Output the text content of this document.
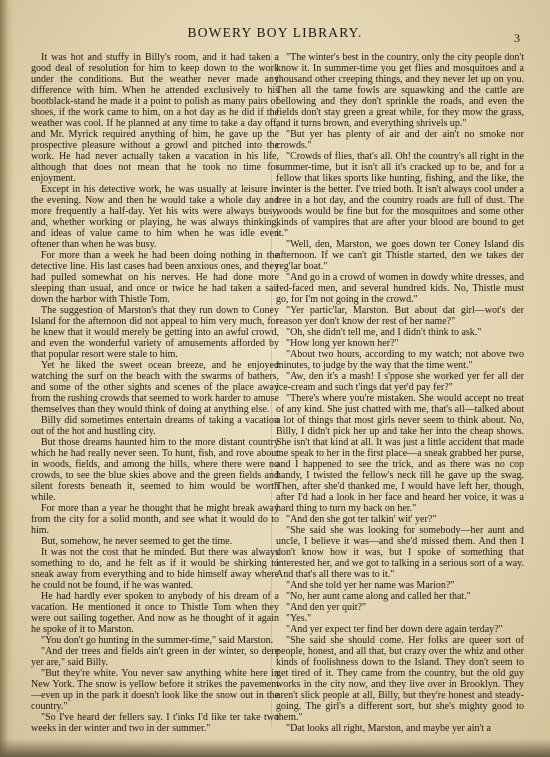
BOWERY BOY LIBRARY.	3

It was hot and stuffy in Billy's room, and it had taken a good deal of resolution for him to keep down to the work under the conditions. But the weather never made any difference with him. When he attended exclusively to his bootblack-stand he made it a point to polish as many pairs of shoes, if the work came to him, on a hot day as he did if the weather was cool. If he planned at any time to take a day off, and Mr. Myrick required anything of him, he gave up the prospective pleasure without a growl and pitched into the work. He had never actually taken a vacation in his life, although that does not mean that he took no time for enjoyment.

Except in his detective work, he was usually at leisure in the evening. Now and then he would take a whole day and more frequently a half-day. Yet his wits were always busy, and, whether working or playing, he was always thinking, and ideas of value came to him when he was idle even oftener than when he was busy.

For more than a week he had been doing nothing in the detective line. His last cases had been anxious ones, and they had pulled somewhat on his nerves. He had done more sleeping than usual, and once or twice he had taken a sail down the harbor with Thistle Tom.

The suggestion of Marston's that they run down to Coney Island for the afternoon did not appeal to him very much, for he knew that it would merely be getting into an awful crowd, and even the wonderful variety of amusements afforded by that popular resort were stale to him.

Yet he liked the sweet ocean breeze, and he enjoyed watching the surf on the beach with the swarms of bathers, and some of the other sights and scenes of the place away from the rushing crowds that seemed to work harder to amuse themselves than they would think of doing at anything else.

Billy did sometimes entertain dreams of taking a vacation out of the hot and hustling city.

But those dreams haunted him to the more distant country which he had really never seen. To hunt, fish, and rove about in woods, fields, and among the hills, where there were no crowds, to see the blue skies above and the green fields and silent forests beneath it, seemed to him would be worth while.

For more than a year he thought that he might break away from the city for a solid month, and see what it would do to him.

But, somehow, he never seemed to get the time.

It was not the cost that he minded. But there was always something to do, and he felt as if it would be shirking to sneak away from everything and to hide himself away where he could not be found, if he was wanted.

He had hardly ever spoken to anybody of his dream of a vacation. He mentioned it once to Thistle Tom when they were out sailing together. And now as he thought of it again he spoke of it to Marston.

"You don't go hunting in the summer-time," said Marston.

"And der trees and fields ain't green in der winter, so dere yer are," said Billy.

"But they're white. You never saw anything white here in New York. The snow is yellow before it strikes the pavement—even up in the park it doesn't look like the snow out in the country."

"So I've heard der fellers say. I t'inks I'd like ter take two weeks in der winter and two in der summer."

"The winter's best in the country, only the city people don't know it. In summer-time you get flies and mosquitoes and a thousand other creeping things, and they never let up on you. Then all the tame fowls are squawking and the cattle are bellowing and they don't sprinkle the roads, and even the fields don't stay green a great while, for they mow the grass, and it turns brown, and everything shrivels up."

"But yer has plenty of air and der ain't no smoke nor crowds."

"Crowds of flies, that's all. Oh! the country's all right in the summer-time, but it isn't all it's cracked up to be, and for a fellow that likes sports like hunting, fishing, and the like, the winter is the better. I've tried both. It isn't always cool under a tree in a hot day, and the country roads are full of dust. The woods would be fine but for the mosquitoes and some other kinds of vampires that are after your blood are bound to get it."

"Well, den, Marston, we goes down ter Coney Island dis afternoon. If we can't git Thistle started, den we takes der reg'lar boat."

"And go in a crowd of women in dowdy white dresses, and red-faced men, and several hundred kids. No, Thistle must go, for I'm not going in the crowd."

"Yer partic'lar, Marston. But about dat girl—wot's der reason yer don't know der rest of her name?"

"Oh, she didn't tell me, and I didn't think to ask."

"How long yer known her?"

"About two hours, according to my watch; not above two minutes, to judge by the way that the time went."

"Aw, den it's a mash! I s'ppose she worked yer fer all der ice-cream and such t'ings dat yer'd pay fer?"

"There's where you're mistaken. She would accept no treat of any kind. She just chatted with me, that's all—talked about a lot of things that most girls never seem to think about. No, Billy, I didn't pick her up and take her into the cheap shows. She isn't that kind at all. It was just a little accident that made me speak to her in the first place—a sneak grabbed her purse, and I happened to see the trick, and as there was no cop handy, I twisted the fellow's neck till he gave up the swag. Then, after she'd thanked me, I would have left her, though, after I'd had a look in her face and heard her voice, it was a hard thing to turn my back on her."

"And den she got ter talkin' wit' yer?"

"She said she was looking for somebody—her aunt and uncle, I believe it was—and she'd missed them. And then I don't know how it was, but I spoke of something that interested her, and we got to talking in a serious sort of a way. And that's all there was to it."

"And she told yer her name was Marion?"

"No, her aunt came along and called her that."

"And den yer quit?"

"Yes."

"And yer expect ter find her down dere again terday?"

"She said she should come. Her folks are queer sort of people, honest, and all that, but crazy over the whiz and other kinds of foolishness down to the Island. They don't seem to get tired of it. They came from the country, but the old guy works in the city now, and they live over in Brooklyn. They aren't slick people at all, Billy, but they're honest and steady-going. The girl's a different sort, but she's mighty good to them."

"Dat looks all right, Marston, and maybe yer ain't a
